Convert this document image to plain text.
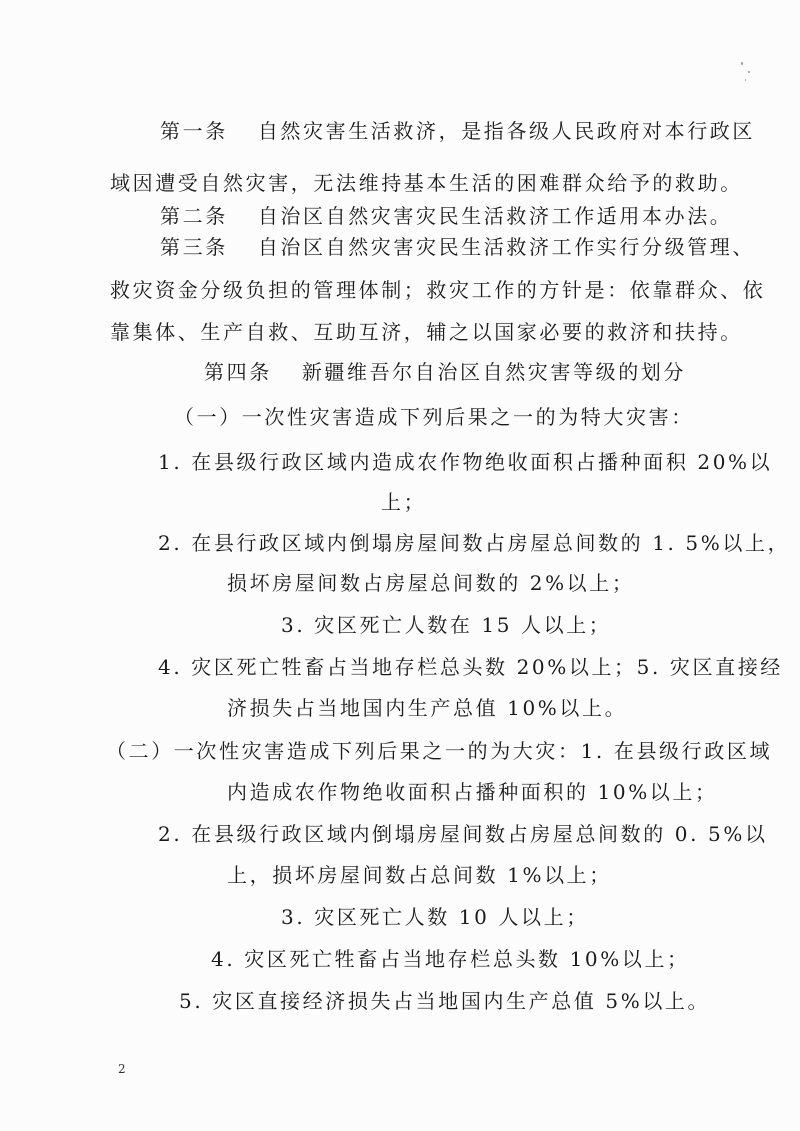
第一条 自然灾害生活救济，是指各级人民政府对本行政区
域因遭受自然灾害，无法维持基本生活的困难群众给予的救助。
第二条 自治区自然灾害灾民生活救济工作适用本办法。
第三条 自治区自然灾害灾民生活救济工作实行分级管理、
救灾资金分级负担的管理体制；救灾工作的方针是：依靠群众、依
靠集体、生产自救、互助互济，辅之以国家必要的救济和扶持。
第四条 新疆维吾尔自治区自然灾害等级的划分
（一）一次性灾害造成下列后果之一的为特大灾害：
1. 在县级行政区域内造成农作物绝收面积占播种面积 20%以
上；
2. 在县行政区域内倒塌房屋间数占房屋总间数的 1. 5%以上，
损坏房屋间数占房屋总间数的 2%以上；
3. 灾区死亡人数在 15 人以上；
4. 灾区死亡牲畜占当地存栏总头数 20%以上；5. 灾区直接经
济损失占当地国内生产总值 10%以上。
（二）一次性灾害造成下列后果之一的为大灾：1. 在县级行政区域
内造成农作物绝收面积占播种面积的 10%以上；
2. 在县级行政区域内倒塌房屋间数占房屋总间数的 0. 5%以
上，损坏房屋间数占总间数 1%以上；
3. 灾区死亡人数 10 人以上；
4. 灾区死亡牲畜占当地存栏总头数 10%以上；
5. 灾区直接经济损失占当地国内生产总值 5%以上。
2
